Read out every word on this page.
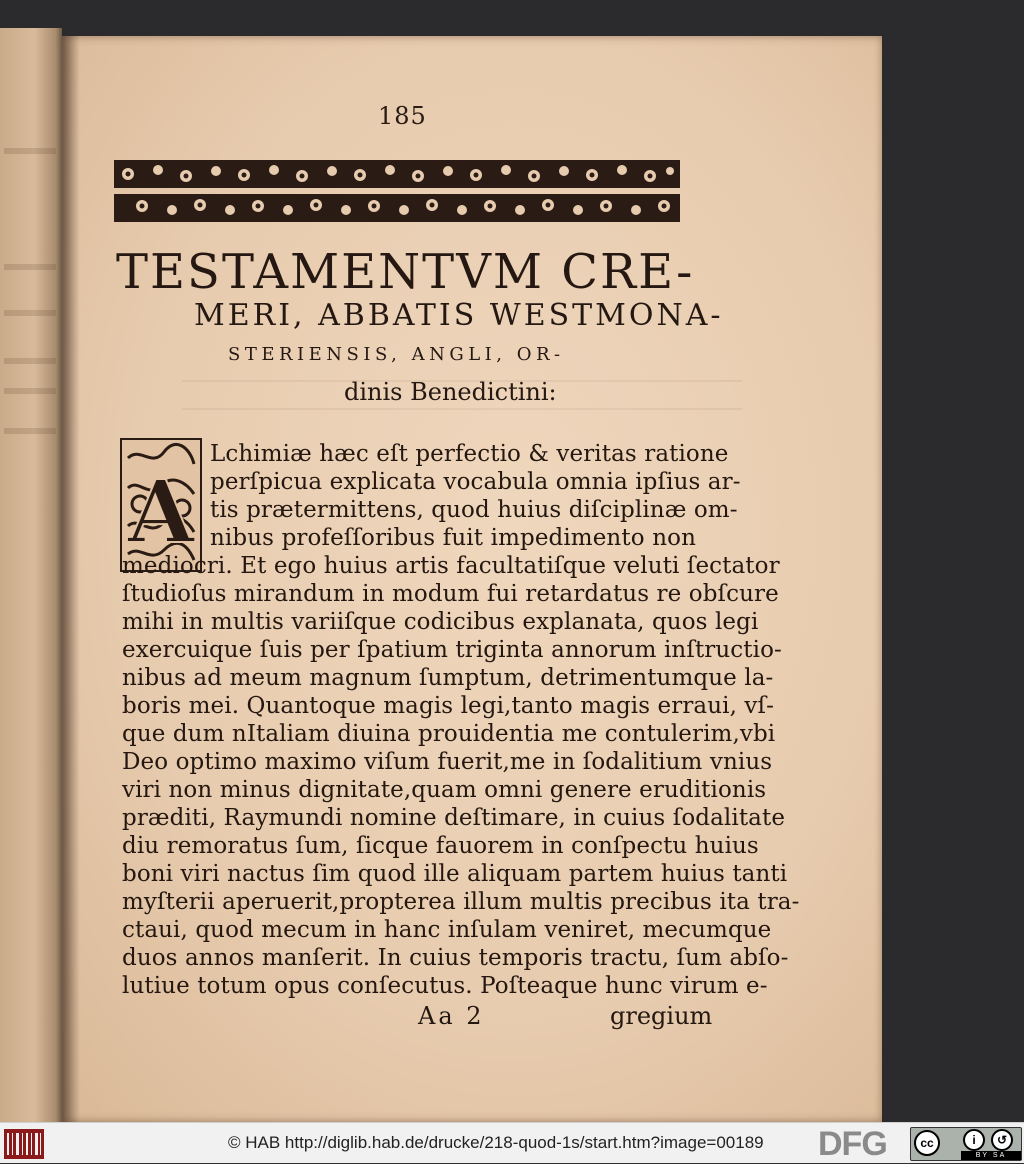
185
TESTAMENTVM CRE-
MERI, ABBATIS WESTMONA-
STERIENSIS, ANGLI, OR-
dinis Benedictini:
A
Lchimiæ hæc eſt perfectio & veritas ratione
perſpicua explicata vocabula omnia ipſius ar-
tis prætermittens, quod huius diſciplinæ om-
nibus profeſſoribus fuit impedimento non
mediocri. Et ego huius artis facultatiſque veluti ſectator
ſtudioſus mirandum in modum fui retardatus re obſcure
mihi in multis variiſque codicibus explanata, quos legi
exercuique ſuis per ſpatium triginta annorum inſtructio-
nibus ad meum magnum ſumptum, detrimentumque la-
boris mei. Quantoque magis legi,tanto magis erraui, vſ-
que dum nItaliam diuina prouidentia me contulerim,vbi
Deo optimo maximo viſum fuerit,me in ſodalitium vnius
viri non minus dignitate,quam omni genere eruditionis
præditi, Raymundi nomine deſtimare, in cuius ſodalitate
diu remoratus ſum, ſicque fauorem in conſpectu huius
boni viri nactus ſim quod ille aliquam partem huius tanti
myſterii aperuerit,propterea illum multis precibus ita tra-
ctaui, quod mecum in hanc inſulam veniret, mecumque
duos annos manſerit. In cuius temporis tractu, ſum abſo-
lutiue totum opus conſecutus. Poſteaque hunc virum e-
Aa 2	gregium
© HAB http://diglib.hab.de/drucke/218-quod-1s/start.htm?image=00189 DFG	cc	i	↺
BY SA
